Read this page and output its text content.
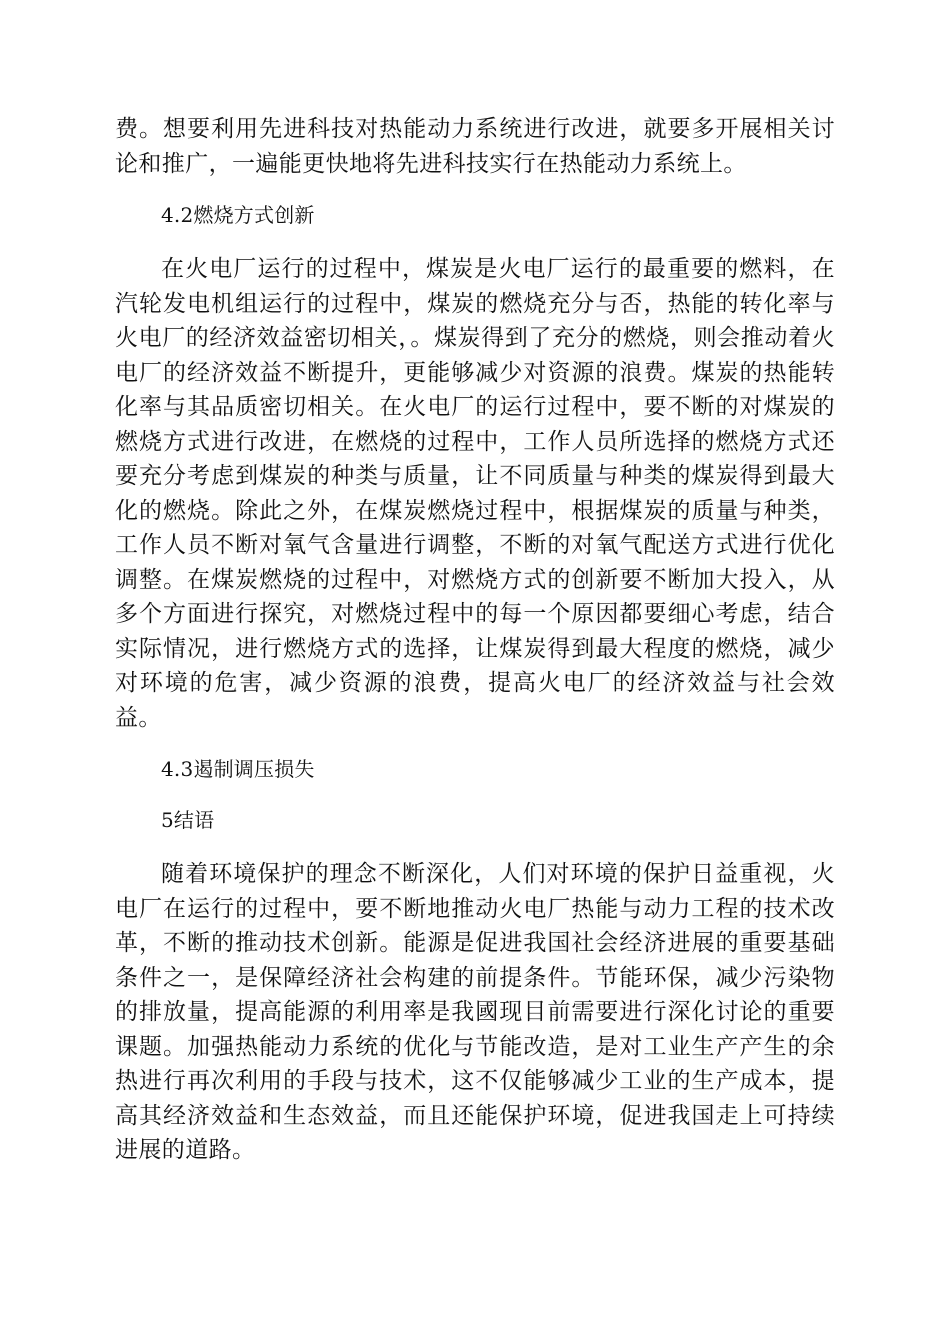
费。想要利用先进科技对热能动力系统进行改进，就要多开展相关讨论和推广，一遍能更快地将先进科技实行在热能动力系统上。

4.2燃烧方式创新

在火电厂运行的过程中，煤炭是火电厂运行的最重要的燃料，在汽轮发电机组运行的过程中，煤炭的燃烧充分与否，热能的转化率与火电厂的经济效益密切相关，。煤炭得到了充分的燃烧，则会推动着火电厂的经济效益不断提升，更能够减少对资源的浪费。煤炭的热能转化率与其品质密切相关。在火电厂的运行过程中，要不断的对煤炭的燃烧方式进行改进，在燃烧的过程中，工作人员所选择的燃烧方式还要充分考虑到煤炭的种类与质量，让不同质量与种类的煤炭得到最大化的燃烧。除此之外，在煤炭燃烧过程中，根据煤炭的质量与种类，工作人员不断对氧气含量进行调整，不断的对氧气配送方式进行优化调整。在煤炭燃烧的过程中，对燃烧方式的创新要不断加大投入，从多个方面进行探究，对燃烧过程中的每一个原因都要细心考虑，结合实际情况，进行燃烧方式的选择，让煤炭得到最大程度的燃烧，减少对环境的危害，减少资源的浪费，提高火电厂的经济效益与社会效益。

4.3遏制调压损失

5结语

随着环境保护的理念不断深化，人们对环境的保护日益重视，火电厂在运行的过程中，要不断地推动火电厂热能与动力工程的技术改革，不断的推动技术创新。能源是促进我国社会经济进展的重要基础条件之一，是保障经济社会构建的前提条件。节能环保，减少污染物的排放量，提高能源的利用率是我國现目前需要进行深化讨论的重要课题。加强热能动力系统的优化与节能改造，是对工业生产产生的余热进行再次利用的手段与技术，这不仅能够减少工业的生产成本，提高其经济效益和生态效益，而且还能保护环境，促进我国走上可持续进展的道路。
